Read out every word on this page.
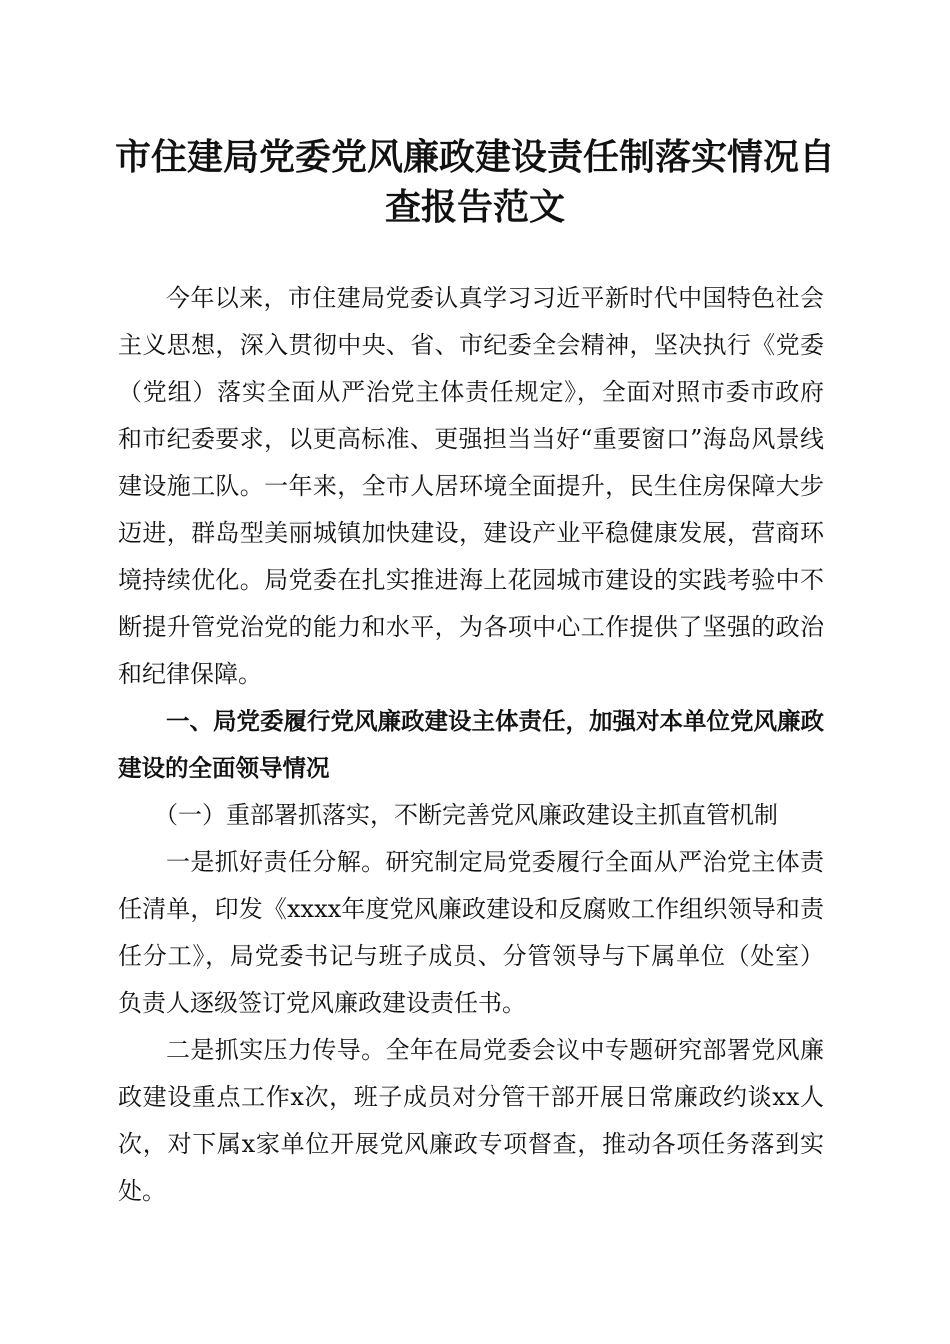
市住建局党委党风廉政建设责任制落实情况自查报告范文

今年以来，市住建局党委认真学习习近平新时代中国特色社会主义思想，深入贯彻中央、省、市纪委全会精神，坚决执行《党委（党组）落实全面从严治党主体责任规定》，全面对照市委市政府和市纪委要求，以更高标准、更强担当当好“重要窗口”海岛风景线建设施工队。一年来，全市人居环境全面提升，民生住房保障大步迈进，群岛型美丽城镇加快建设，建设产业平稳健康发展，营商环境持续优化。局党委在扎实推进海上花园城市建设的实践考验中不断提升管党治党的能力和水平，为各项中心工作提供了坚强的政治和纪律保障。

一、局党委履行党风廉政建设主体责任，加强对本单位党风廉政建设的全面领导情况

（一）重部署抓落实，不断完善党风廉政建设主抓直管机制

一是抓好责任分解。研究制定局党委履行全面从严治党主体责任清单，印发《xxxx年度党风廉政建设和反腐败工作组织领导和责任分工》，局党委书记与班子成员、分管领导与下属单位（处室）负责人逐级签订党风廉政建设责任书。

二是抓实压力传导。全年在局党委会议中专题研究部署党风廉政建设重点工作x次，班子成员对分管干部开展日常廉政约谈xx人次，对下属x家单位开展党风廉政专项督查，推动各项任务落到实处。
